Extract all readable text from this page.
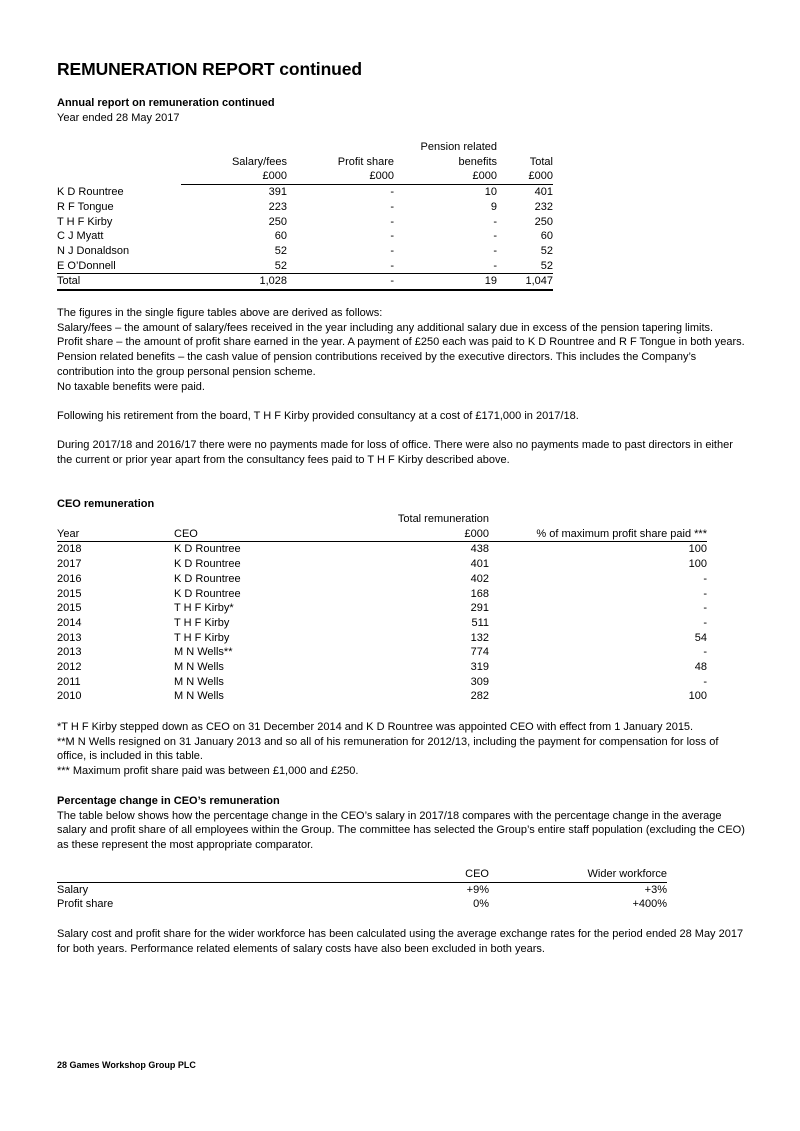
REMUNERATION REPORT continued

Annual report on remuneration continued

Year ended 28 May 2017

			Pension related	
	Salary/fees	Profit share	benefits	Total
	£000	£000	£000	£000
K D Rountree	391	-	10	401
R F Tongue	223	-	9	232
T H F Kirby	250	-	-	250
C J Myatt	60	-	-	60
N J Donaldson	52	-	-	52
E O’Donnell	52	-	-	52
Total	1,028	-	19	1,047

The figures in the single figure tables above are derived as follows:

Salary/fees – the amount of salary/fees received in the year including any additional salary due in excess of the pension tapering limits.

Profit share – the amount of profit share earned in the year. A payment of £250 each was paid to K D Rountree and R F Tongue in both years.

Pension related benefits – the cash value of pension contributions received by the executive directors. This includes the Company’s contribution into the group personal pension scheme.

No taxable benefits were paid.

Following his retirement from the board, T H F Kirby provided consultancy at a cost of £171,000 in 2017/18.

During 2017/18 and 2016/17 there were no payments made for loss of office. There were also no payments made to past directors in either the current or prior year apart from the consultancy fees paid to T H F Kirby described above.

CEO remuneration

		Total remuneration	
Year	CEO	£000	% of maximum profit share paid ***
2018	K D Rountree	438	100
2017	K D Rountree	401	100
2016	K D Rountree	402	-
2015	K D Rountree	168	-
2015	T H F Kirby*	291	-
2014	T H F Kirby	511	-
2013	T H F Kirby	132	54
2013	M N Wells**	774	-
2012	M N Wells	319	48
2011	M N Wells	309	-
2010	M N Wells	282	100

*T H F Kirby stepped down as CEO on 31 December 2014 and K D Rountree was appointed CEO with effect from 1 January 2015.

**M N Wells resigned on 31 January 2013 and so all of his remuneration for 2012/13, including the payment for compensation for loss of office, is included in this table.

*** Maximum profit share paid was between £1,000 and £250.

Percentage change in CEO’s remuneration

The table below shows how the percentage change in the CEO’s salary in 2017/18 compares with the percentage change in the average salary and profit share of all employees within the Group. The committee has selected the Group’s entire staff population (excluding the CEO) as these represent the most appropriate comparator.

	CEO	Wider workforce
Salary	+9%	+3%
Profit share	0%	+400%

Salary cost and profit share for the wider workforce has been calculated using the average exchange rates for the period ended 28 May 2017 for both years. Performance related elements of salary costs have also been excluded in both years.

28 Games Workshop Group PLC
